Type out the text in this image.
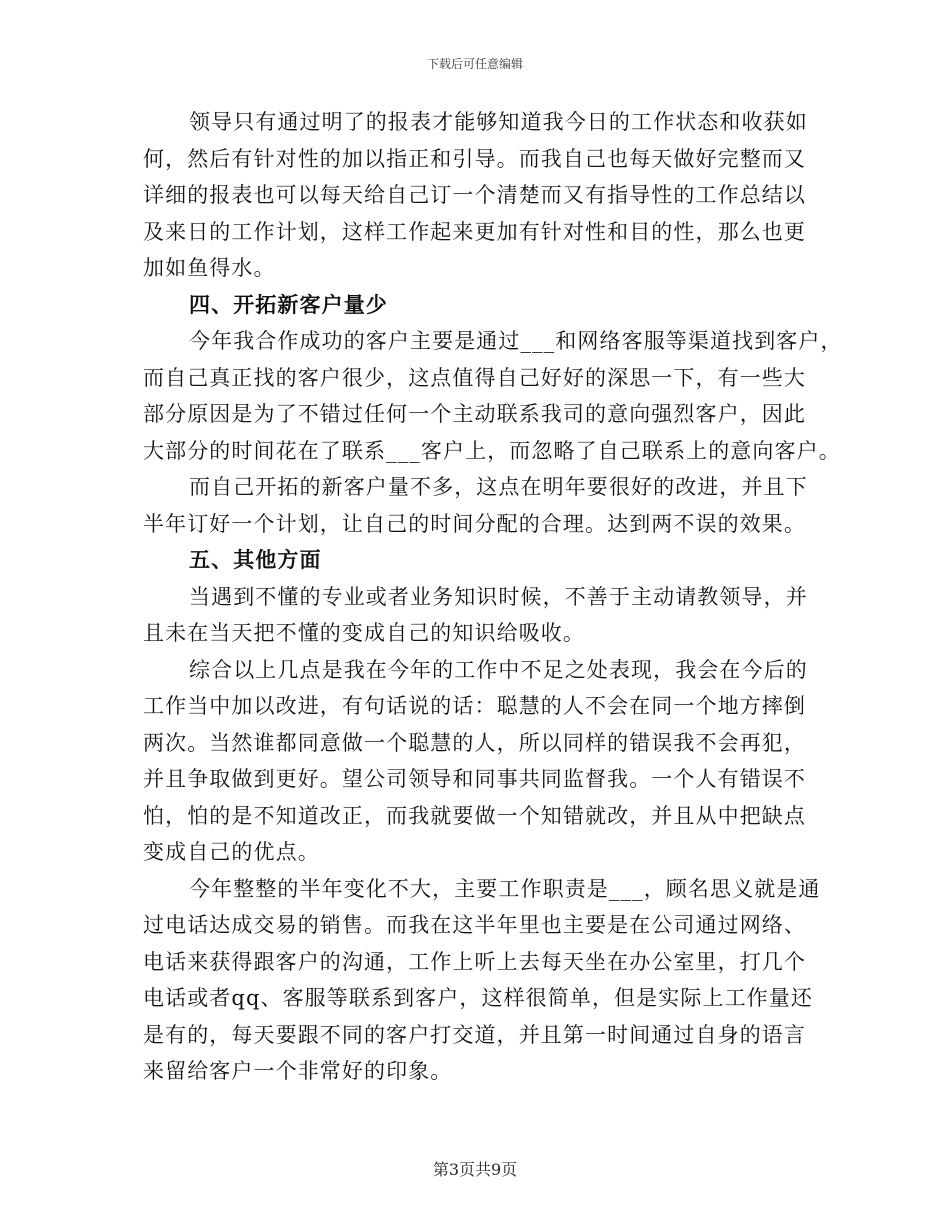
下载后可任意编辑
领导只有通过明了的报表才能够知道我今日的工作状态和收获如
何，然后有针对性的加以指正和引导。而我自己也每天做好完整而又
详细的报表也可以每天给自己订一个清楚而又有指导性的工作总结以
及来日的工作计划，这样工作起来更加有针对性和目的性，那么也更
加如鱼得水。
四、开拓新客户量少
今年我合作成功的客户主要是通过___和网络客服等渠道找到客户，
而自己真正找的客户很少，这点值得自己好好的深思一下，有一些大
部分原因是为了不错过任何一个主动联系我司的意向强烈客户，因此
大部分的时间花在了联系___客户上，而忽略了自己联系上的意向客户。
而自己开拓的新客户量不多，这点在明年要很好的改进，并且下
半年订好一个计划，让自己的时间分配的合理。达到两不误的效果。
五、其他方面
当遇到不懂的专业或者业务知识时候，不善于主动请教领导，并
且未在当天把不懂的变成自己的知识给吸收。
综合以上几点是我在今年的工作中不足之处表现，我会在今后的
工作当中加以改进，有句话说的话：聪慧的人不会在同一个地方摔倒
两次。当然谁都同意做一个聪慧的人，所以同样的错误我不会再犯，
并且争取做到更好。望公司领导和同事共同监督我。一个人有错误不
怕，怕的是不知道改正，而我就要做一个知错就改，并且从中把缺点
变成自己的优点。
今年整整的半年变化不大，主要工作职责是___，顾名思义就是通
过电话达成交易的销售。而我在这半年里也主要是在公司通过网络、
电话来获得跟客户的沟通，工作上听上去每天坐在办公室里，打几个
电话或者qq、客服等联系到客户，这样很简单，但是实际上工作量还
是有的，每天要跟不同的客户打交道，并且第一时间通过自身的语言
来留给客户一个非常好的印象。
第3页共9页
